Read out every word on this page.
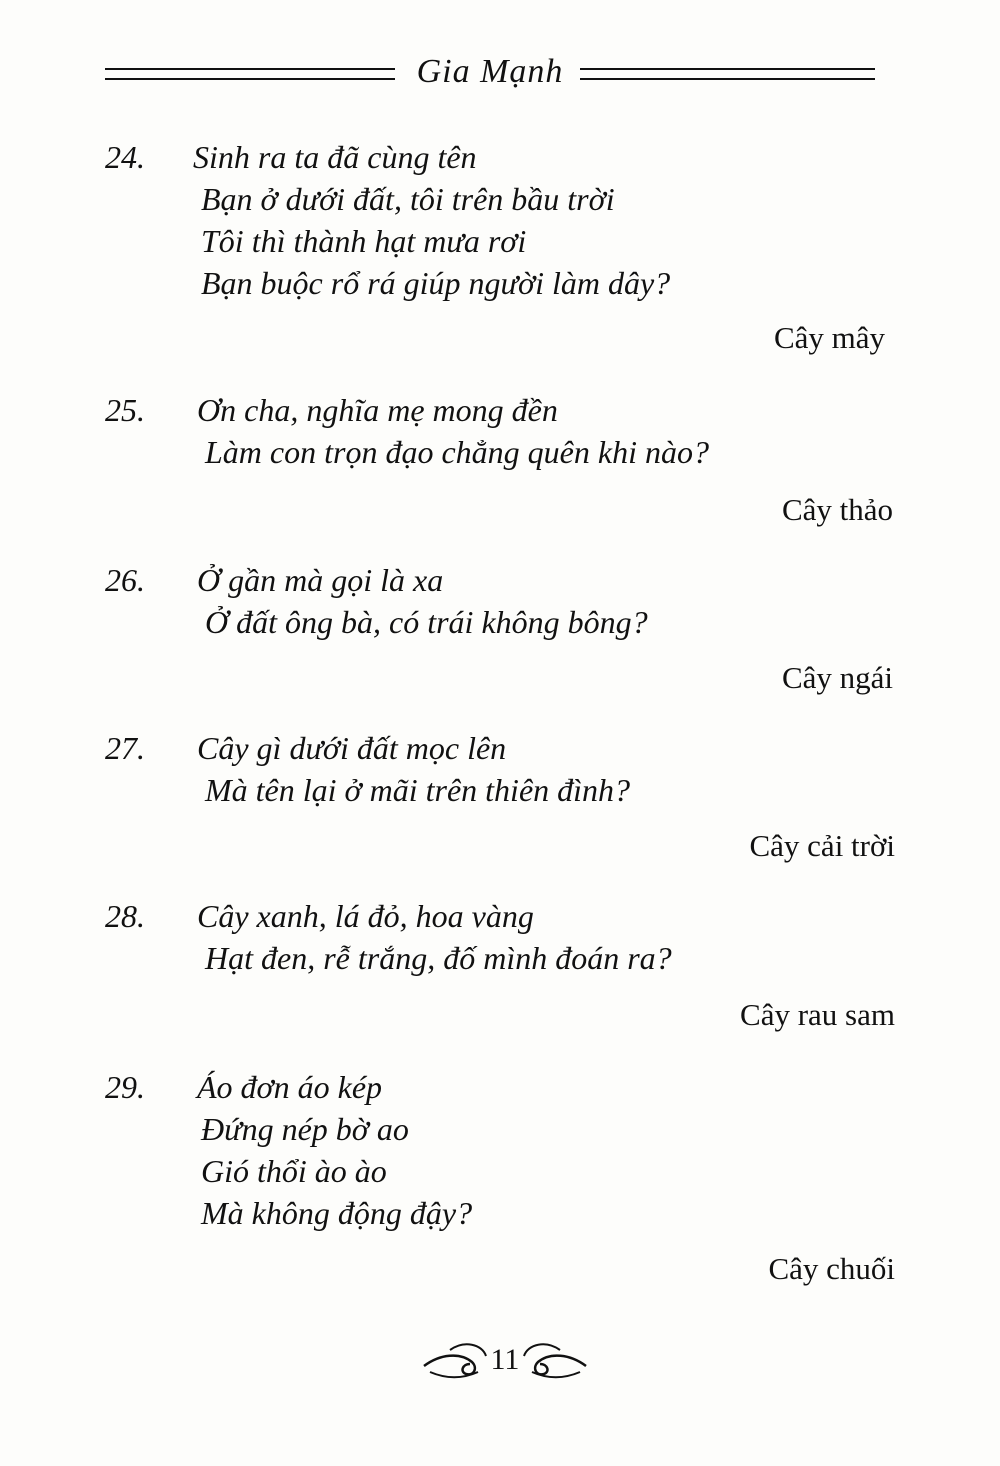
Gia Mạnh
24. Sinh ra ta đã cùng tên
Bạn ở dưới đất, tôi trên bầu trời
Tôi thì thành hạt mưa rơi
Bạn buộc rổ rá giúp người làm dây?
Cây mây
25. Ơn cha, nghĩa mẹ mong đền
Làm con trọn đạo chẳng quên khi nào?
Cây thảo
26. Ở gần mà gọi là xa
Ở đất ông bà, có trái không bông?
Cây ngái
27. Cây gì dưới đất mọc lên
Mà tên lại ở mãi trên thiên đình?
Cây cải trời
28. Cây xanh, lá đỏ, hoa vàng
Hạt đen, rễ trắng, đố mình đoán ra?
Cây rau sam
29. Áo đơn áo kép
Đứng nép bờ ao
Gió thổi ào ào
Mà không động đậy?
Cây chuối
11
